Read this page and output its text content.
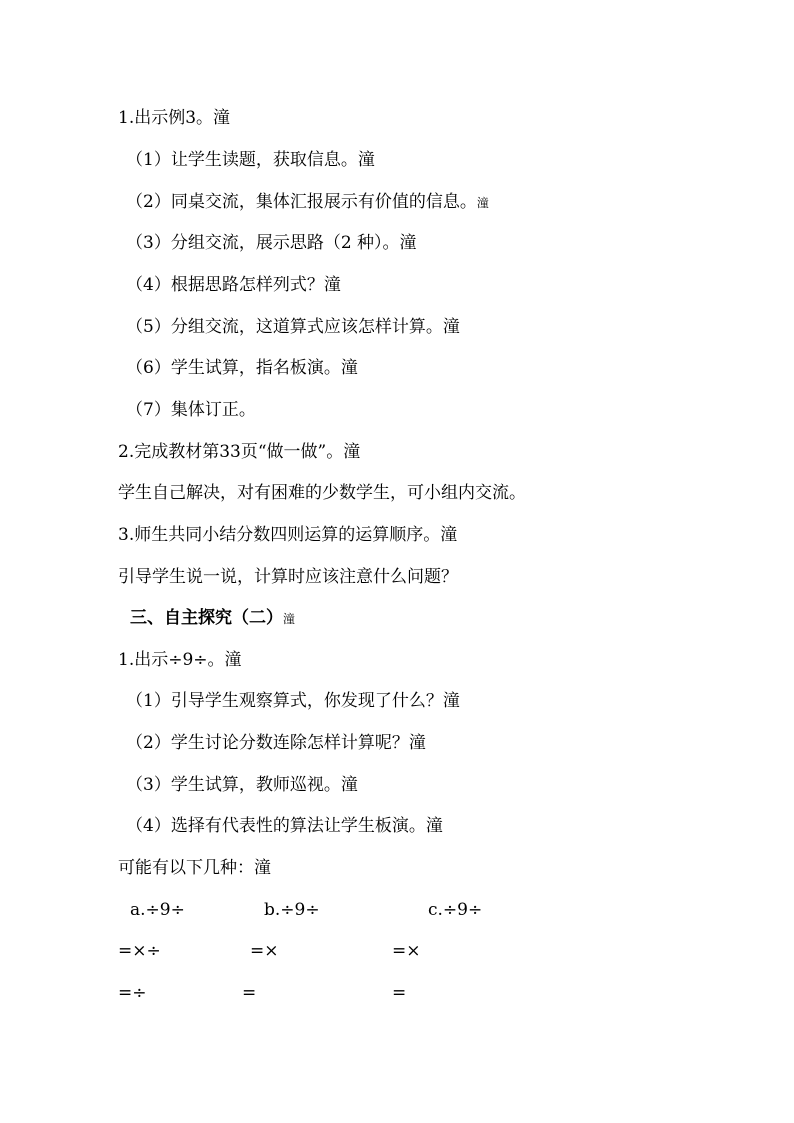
1.出示例3。潼
（1）让学生读题，获取信息。潼
（2）同桌交流，集体汇报展示有价值的信息。潼
（3）分组交流，展示思路（2 种）。潼
（4）根据思路怎样列式？潼
（5）分组交流，这道算式应该怎样计算。潼
（6）学生试算，指名板演。潼
（7）集体订正。
2.完成教材第33页“做一做”。潼
学生自己解决，对有困难的少数学生，可小组内交流。
3.师生共同小结分数四则运算的运算顺序。潼
引导学生说一说，计算时应该注意什么问题？
三、自主探究（二）潼
1.出示÷9÷。潼
（1）引导学生观察算式，你发现了什么？潼
（2）学生讨论分数连除怎样计算呢？潼
（3）学生试算，教师巡视。潼
（4）选择有代表性的算法让学生板演。潼
可能有以下几种：潼
a.÷9÷	b.÷9÷	c.÷9÷
=×÷	=×	=×
=÷	=	=
